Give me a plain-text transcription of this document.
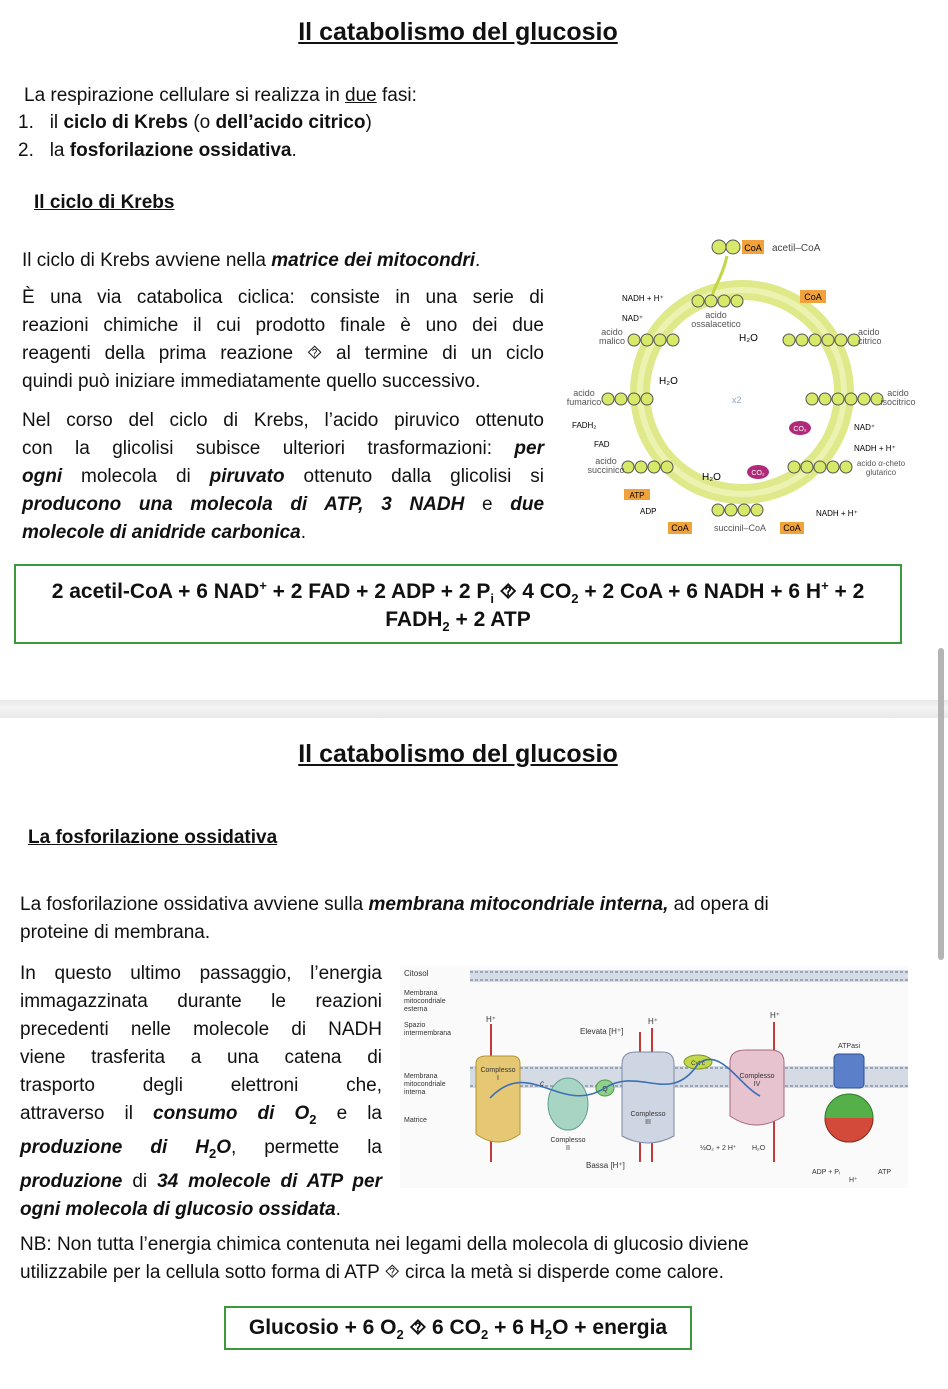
Il catabolismo del glucosio
La respirazione cellulare si realizza in due fasi:
1. il ciclo di Krebs (o dell’acido citrico)
2. la fosforilazione ossidativa.
Il ciclo di Krebs
Il ciclo di Krebs avviene nella matrice dei mitocondri.
È una via catabolica ciclica: consiste in una serie di
reazioni chimiche il cui prodotto finale è uno dei due
reagenti della prima reazione ⯑ al termine di un ciclo
quindi può iniziare immediatamente quello successivo.
Nel corso del ciclo di Krebs, l’acido piruvico ottenuto
con la glicolisi subisce ulteriori trasformazioni: per
ogni molecola di piruvato ottenuto dalla glicolisi si
producono una molecola di ATP, 3 NADH e due
molecole di anidride carbonica.
CoA acetil–CoA
CoA
acido
ossalacetico
NADH + H⁺
NAD⁺
H₂O
acido
malico
acido
citrico
H₂O
acido
fumarico	x2
acido
isocitrico
FADH₂
FAD
CO₂	NAD⁺
NADH + H⁺
acido
succinico
H₂O	CO₂
acido α-cheto
glutarico
ATP
ADP
succinil–CoA
NADH + H⁺
CoA	CoA
2 acetil-CoA + 6 NAD+ + 2 FAD + 2 ADP + 2 $P_i$ ⯑ 4 $CO_2 + 2$ CoA + 6 NADH + 6 H+ + 2
$FADH_2 + 2$ ATP
Il catabolismo del glucosio
La fosforilazione ossidativa
La fosforilazione ossidativa avviene sulla membrana mitocondriale interna, ad opera di
proteine di membrana.
In questo ultimo passaggio, l’energia
immagazzinata durante le reazioni
precedenti nelle molecole di NADH
viene trasferita a una catena di
trasporto degli elettroni che,
attraverso il consumo di $O_2$ e la
produzione di $H_2O$, permette la
produzione di 34 molecole di ATP per
ogni molecola di glucosio ossidata.
Citosol
Membrana
mitocondriale
esterna
Spazio
intermembrana	Elevata [H⁺]
Membrana
mitocondriale
interna
Matrice
Bassa [H⁺]
H⁺	H⁺
H⁺
Complesso
I
Complesso
II
c
Q
Complesso
III
Cyt c
Complesso
IV
½O₂ + 2 H⁺ H₂O
ATPasi
ADP + Pᵢ	ATP
H⁺
NB: Non tutta l’energia chimica contenuta nei legami della molecola di glucosio diviene
utilizzabile per la cellula sotto forma di ATP ⯑ circa la metà si disperde come calore.
Glucosio + 6 $O_2$ ⯑ 6 $CO_2 + 6$ $H_2O$ + energia
